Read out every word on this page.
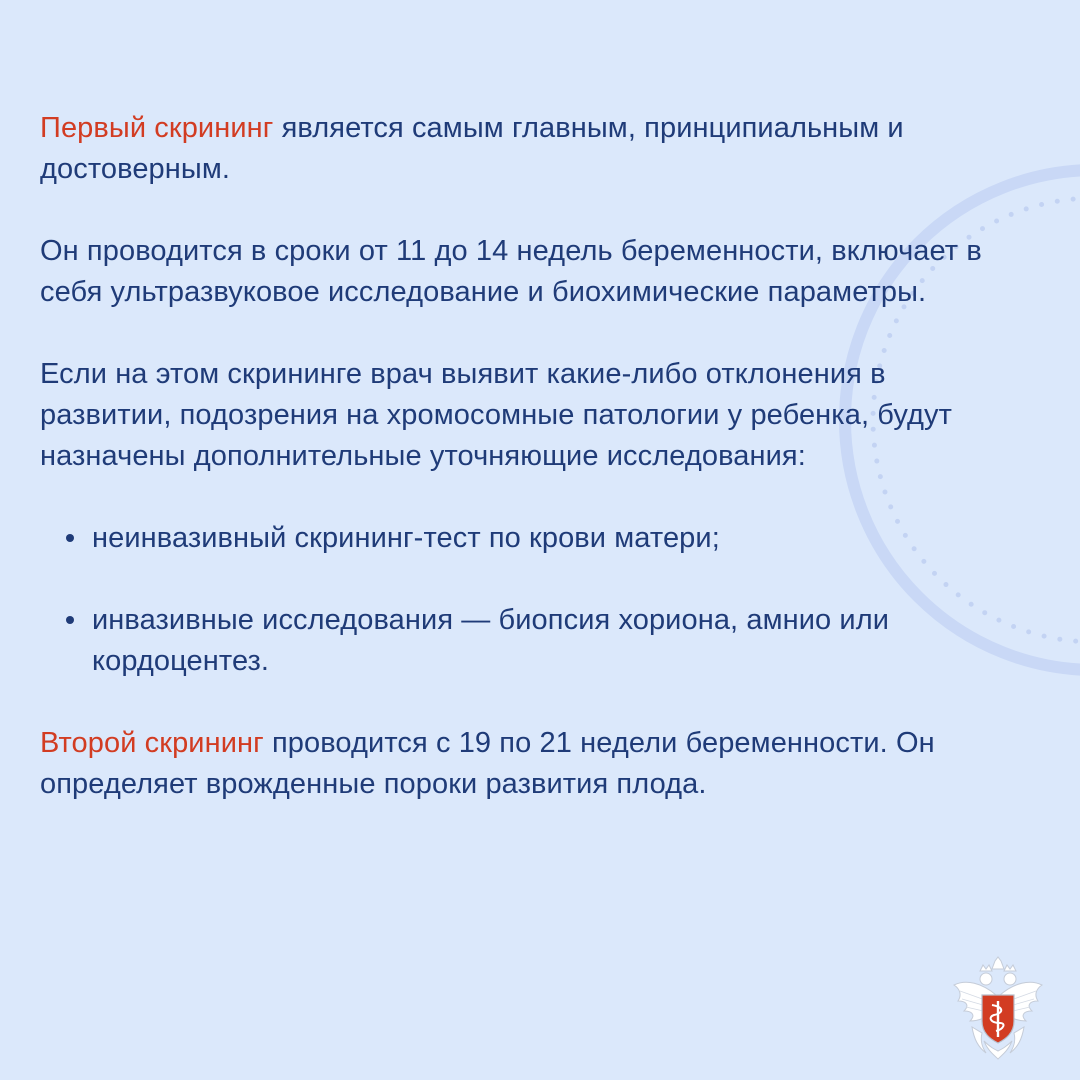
Первый скрининг является самым главным, принципиальным и достоверным.

Он проводится в сроки от 11 до 14 недель беременности, включает в себя ультразвуковое исследование и биохимические параметры.

Если на этом скрининге врач выявит какие-либо отклонения в развитии, подозрения на хромосомные патологии у ребенка, будут назначены дополнительные уточняющие исследования:

неинвазивный скрининг-тест по крови матери;
инвазивные исследования — биопсия хориона, амнио или кордоцентез.

Второй скрининг проводится с 19 по 21 недели беременности. Он определяет врожденные пороки развития плода.
